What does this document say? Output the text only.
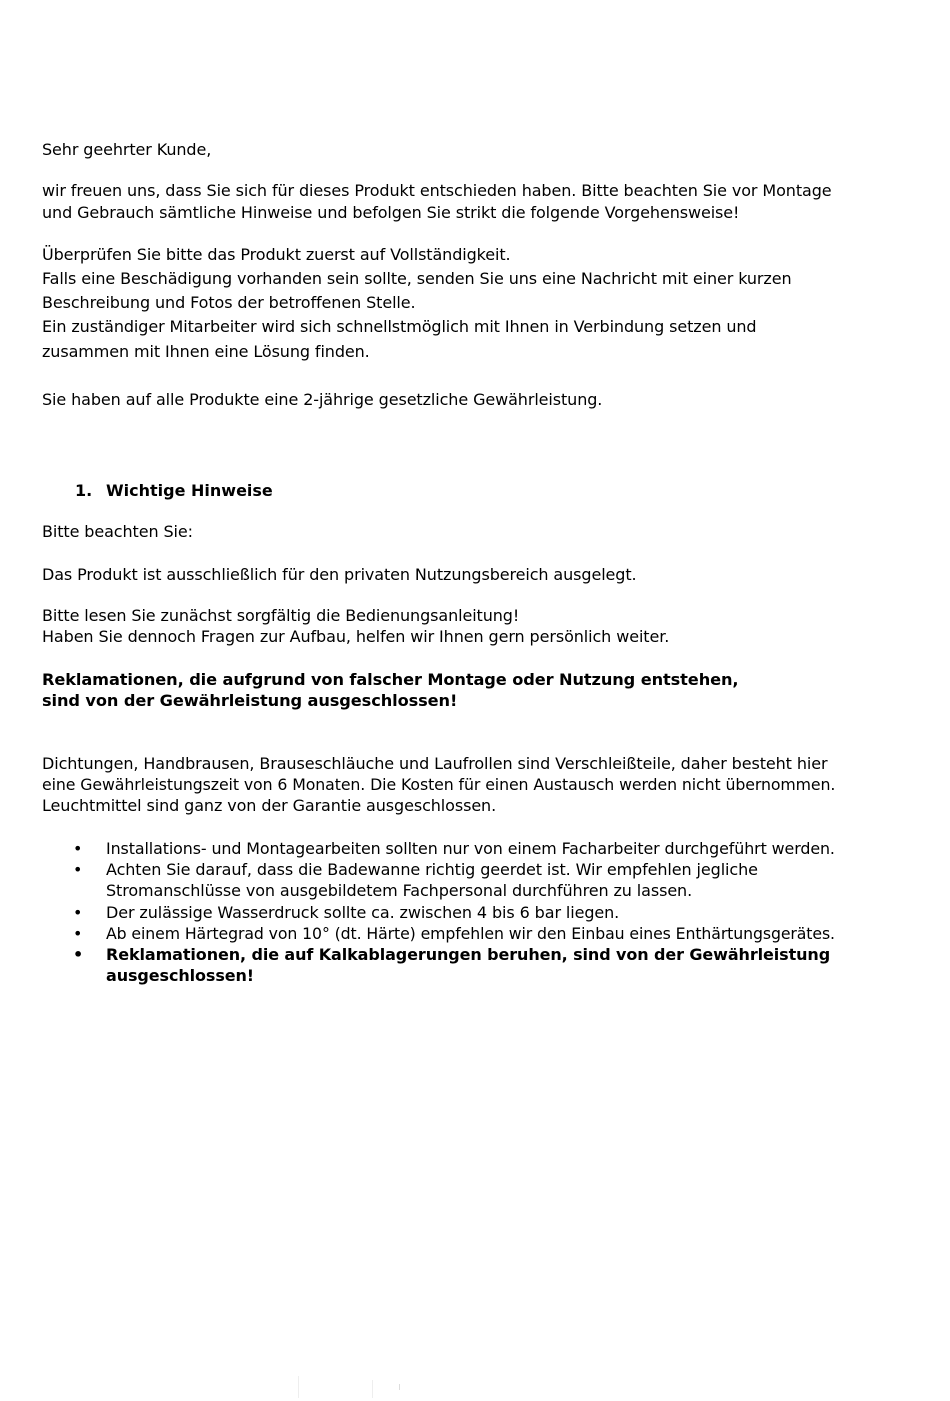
Sehr geehrter Kunde,
wir freuen uns, dass Sie sich für dieses Produkt entschieden haben. Bitte beachten Sie vor Montage
und Gebrauch sämtliche Hinweise und befolgen Sie strikt die folgende Vorgehensweise!
Überprüfen Sie bitte das Produkt zuerst auf Vollständigkeit.
Falls eine Beschädigung vorhanden sein sollte, senden Sie uns eine Nachricht mit einer kurzen
Beschreibung und Fotos der betroffenen Stelle.
Ein zuständiger Mitarbeiter wird sich schnellstmöglich mit Ihnen in Verbindung setzen und
zusammen mit Ihnen eine Lösung finden.
Sie haben auf alle Produkte eine 2-jährige gesetzliche Gewährleistung.
1. Wichtige Hinweise
Bitte beachten Sie:
Das Produkt ist ausschließlich für den privaten Nutzungsbereich ausgelegt.
Bitte lesen Sie zunächst sorgfältig die Bedienungsanleitung!
Haben Sie dennoch Fragen zur Aufbau, helfen wir Ihnen gern persönlich weiter.
Reklamationen, die aufgrund von falscher Montage oder Nutzung entstehen,
sind von der Gewährleistung ausgeschlossen!
Dichtungen, Handbrausen, Brauseschläuche und Laufrollen sind Verschleißteile, daher besteht hier
eine Gewährleistungszeit von 6 Monaten. Die Kosten für einen Austausch werden nicht übernommen.
Leuchtmittel sind ganz von der Garantie ausgeschlossen.
• Installations- und Montagearbeiten sollten nur von einem Facharbeiter durchgeführt werden.
• Achten Sie darauf, dass die Badewanne richtig geerdet ist. Wir empfehlen jegliche
Stromanschlüsse von ausgebildetem Fachpersonal durchführen zu lassen.
• Der zulässige Wasserdruck sollte ca. zwischen 4 bis 6 bar liegen.
• Ab einem Härtegrad von 10° (dt. Härte) empfehlen wir den Einbau eines Enthärtungsgerätes.
• Reklamationen, die auf Kalkablagerungen beruhen, sind von der Gewährleistung
ausgeschlossen!
